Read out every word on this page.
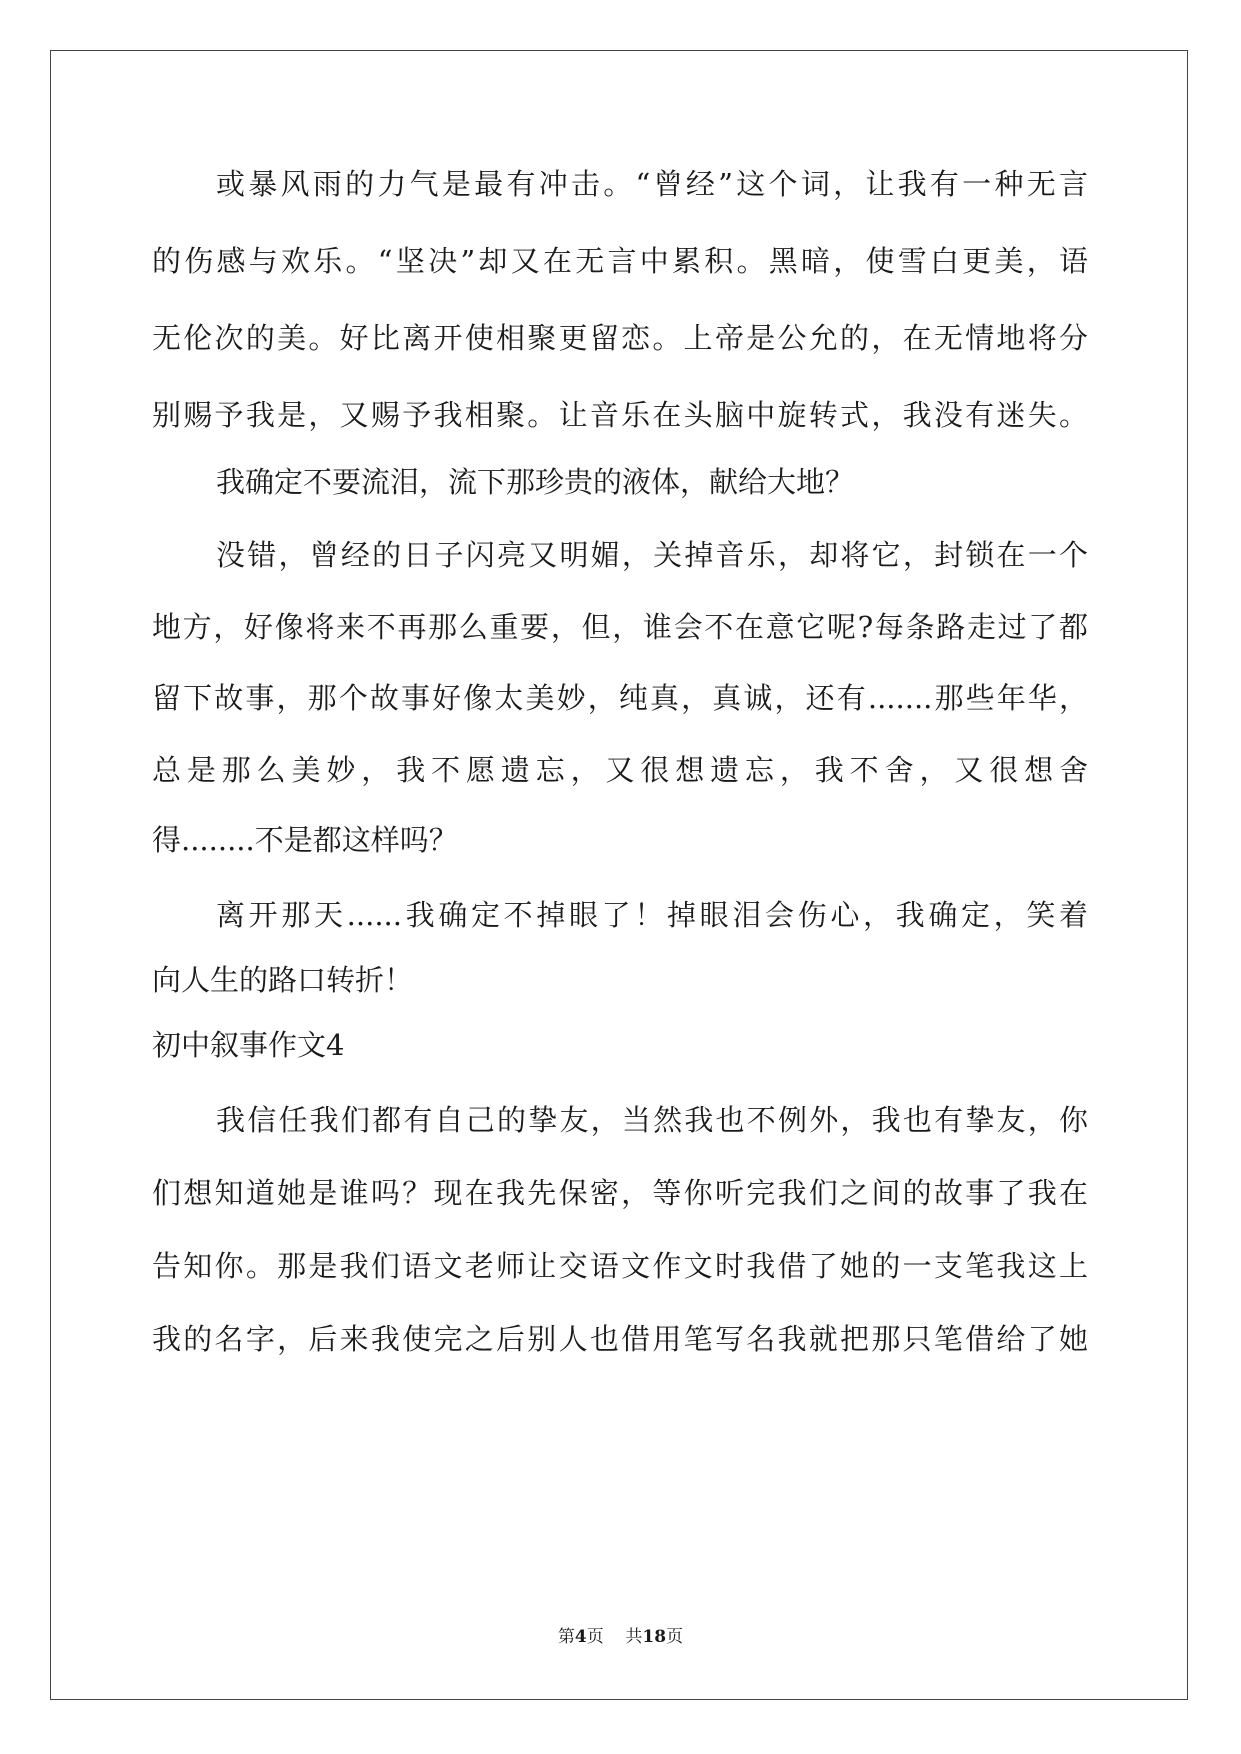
或暴风雨的力气是最有冲击。“曾经”这个词，让我有一种无言
的伤感与欢乐。“坚决”却又在无言中累积。黑暗，使雪白更美，语
无伦次的美。好比离开使相聚更留恋。上帝是公允的，在无情地将分
别赐予我是，又赐予我相聚。让音乐在头脑中旋转式，我没有迷失。
我确定不要流泪，流下那珍贵的液体，献给大地？
没错，曾经的日子闪亮又明媚，关掉音乐，却将它，封锁在一个
地方，好像将来不再那么重要，但，谁会不在意它呢?每条路走过了都
留下故事，那个故事好像太美妙，纯真，真诚，还有.......那些年华，
总是那么美妙，我不愿遗忘，又很想遗忘，我不舍，又很想舍
得........不是都这样吗？
离开那天......我确定不掉眼了！掉眼泪会伤心，我确定，笑着
向人生的路口转折！
初中叙事作文4
我信任我们都有自己的挚友，当然我也不例外，我也有挚友，你
们想知道她是谁吗？现在我先保密，等你听完我们之间的故事了我在
告知你。那是我们语文老师让交语文作文时我借了她的一支笔我这上
我的名字，后来我使完之后别人也借用笔写名我就把那只笔借给了她
第4页 共18页
